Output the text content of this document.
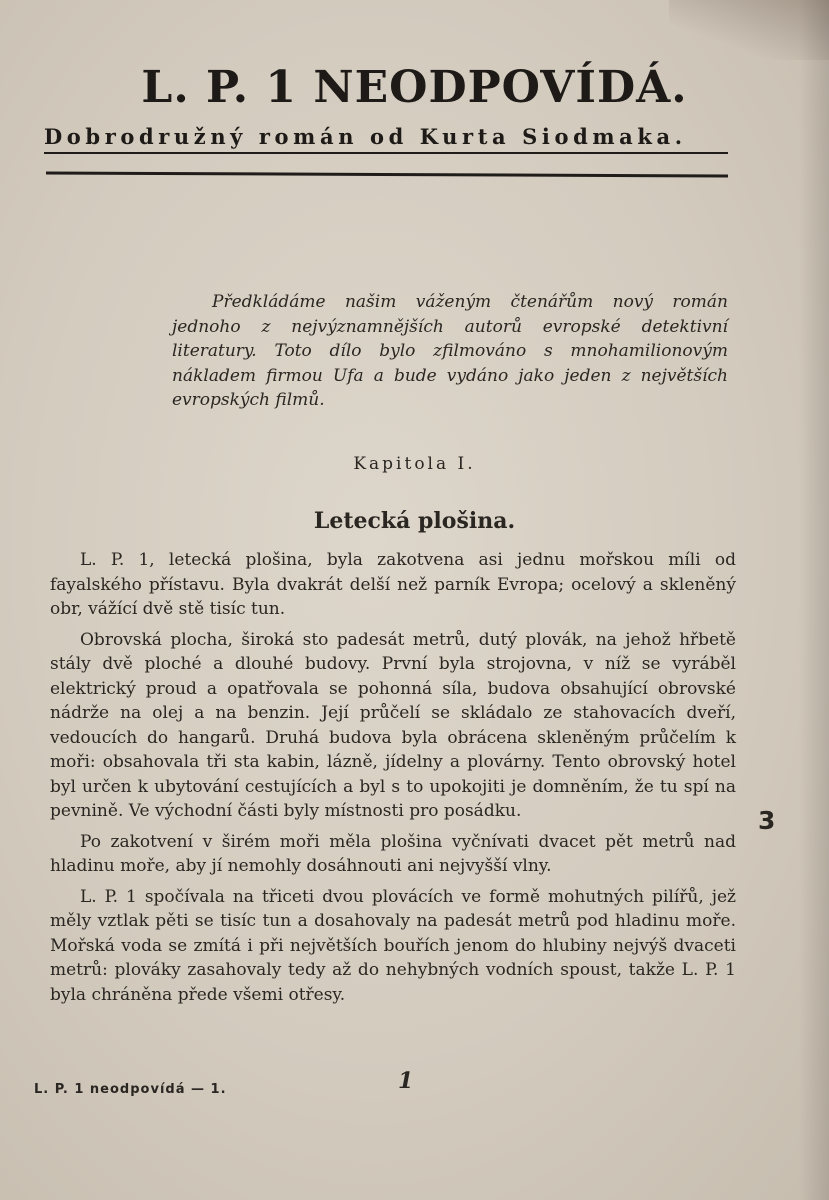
L. P. 1 NEODPOVÍDÁ.
Dobrodružný román od Kurta Siodmaka.

Předkládáme našim váženým čtenářům nový román jednoho z nejvýznamnějších autorů evropské detektivní literatury. Toto dílo bylo zfilmováno s mnohamilionovým nákladem firmou Ufa a bude vydáno jako jeden z největších evropských filmů.

Kapitola I.

Letecká plošina.

L. P. 1, letecká plošina, byla zakotvena asi jednu mořskou míli od fayalského přístavu. Byla dvakrát delší než parník Evropa; ocelový a skleněný obr, vážící dvě stě tisíc tun.

Obrovská plocha, široká sto padesát metrů, dutý plovák, na jehož hřbetě stály dvě ploché a dlouhé budovy. První byla strojovna, v níž se vyráběl elektrický proud a opatřovala se pohonná síla, budova obsahující obrovské nádrže na olej a na benzin. Její průčelí se skládalo ze stahovacích dveří, vedoucích do hangarů. Druhá budova byla obrácena skleněným průčelím k moři: obsahovala tři sta kabin, lázně, jídelny a plovárny. Tento obrovský hotel byl určen k ubytování cestujících a byl s to upokojiti je domněním, že tu spí na pevnině. Ve východní části byly místnosti pro posádku.

Po zakotvení v širém moři měla plošina vyčnívati dvacet pět metrů nad hladinu moře, aby jí nemohly dosáhnouti ani nejvyšší vlny.

L. P. 1 spočívala na třiceti dvou plovácích ve formě mohutných pilířů, jež měly vztlak pěti se tisíc tun a dosahovaly na padesát metrů pod hladinu moře. Mořská voda se zmítá i při největších bouřích jenom do hlubiny nejvýš dvaceti metrů: plováky zasahovaly tedy až do nehybných vodních spoust, takže L. P. 1 byla chráněna přede všemi otřesy.

3

L. P. 1 neodpovídá — 1.	1
